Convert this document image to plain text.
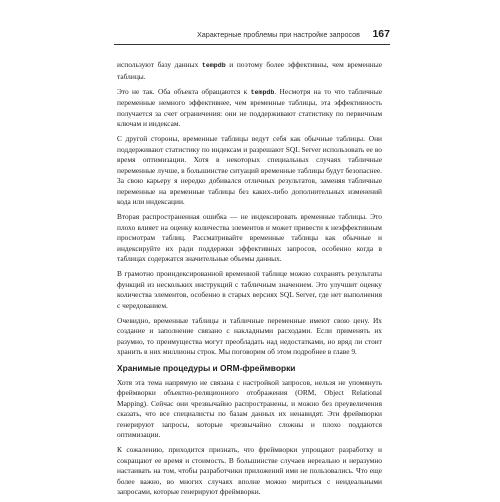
Характерные проблемы при настройке запросов 167

используют базу данных tempdb и поэтому более эффективны, чем временные таблицы.

Это не так. Оба объекта обращаются к tempdb. Несмотря на то что табличные переменные немного эффективнее, чем временные таблицы, эта эффективность получается за счет ограничения: они не поддерживают статистику по первичным ключам и индексам.

С другой стороны, временные таблицы ведут себя как обычные таблицы. Они поддерживают статистику по индексам и разрешают SQL Server использовать ее во время оптимизации. Хотя в некоторых специальных случаях табличные переменные лучше, в большинстве ситуаций временные таблицы будут безопаснее. За свою карьеру я нередко добивался отличных результатов, заменяя табличные переменные на временные таблицы без каких-либо дополнительных изменений кода или индексации.

Вторая распространенная ошибка — не индексировать временные таблицы. Это плохо влияет на оценку количества элементов и может привести к неэффективным просмотрам таблиц. Рассматривайте временные таблицы как обычные и индексируйте их ради поддержки эффективных запросов, особенно когда в таблицах содержатся значительные объемы данных.

В грамотно проиндексированной временной таблице можно сохранять результаты функций из нескольких инструкций с табличным значением. Это улучшит оценку количества элементов, особенно в старых версиях SQL Server, где нет выполнения с чередованием.

Очевидно, временные таблицы и табличные переменные имеют свою цену. Их создание и заполнение связано с накладными расходами. Если применять их разумно, то преимущества могут преобладать над недостатками, но вряд ли стоит хранить в них миллионы строк. Мы поговорим об этом подробнее в главе 9.

Хранимые процедуры и ORM-фреймворки

Хотя эта тема напрямую не связана с настройкой запросов, нельзя не упомянуть фреймворки объектно-реляционного отображения (ORM, Object Relational Mapping). Сейчас они чрезвычайно распространены, и можно без преувеличения сказать, что все специалисты по базам данных их ненавидят. Эти фреймворки генерируют запросы, которые чрезвычайно сложны и плохо поддаются оптимизации.

К сожалению, приходится признать, что фреймворки упрощают разработку и сокращают ее время и стоимость. В большинстве случаев нереально и неразумно настаивать на том, чтобы разработчики приложений ими не пользовались. Что еще более важно, во многих случаях вполне можно мириться с неидеальными запросами, которые генерируют фреймворки.
